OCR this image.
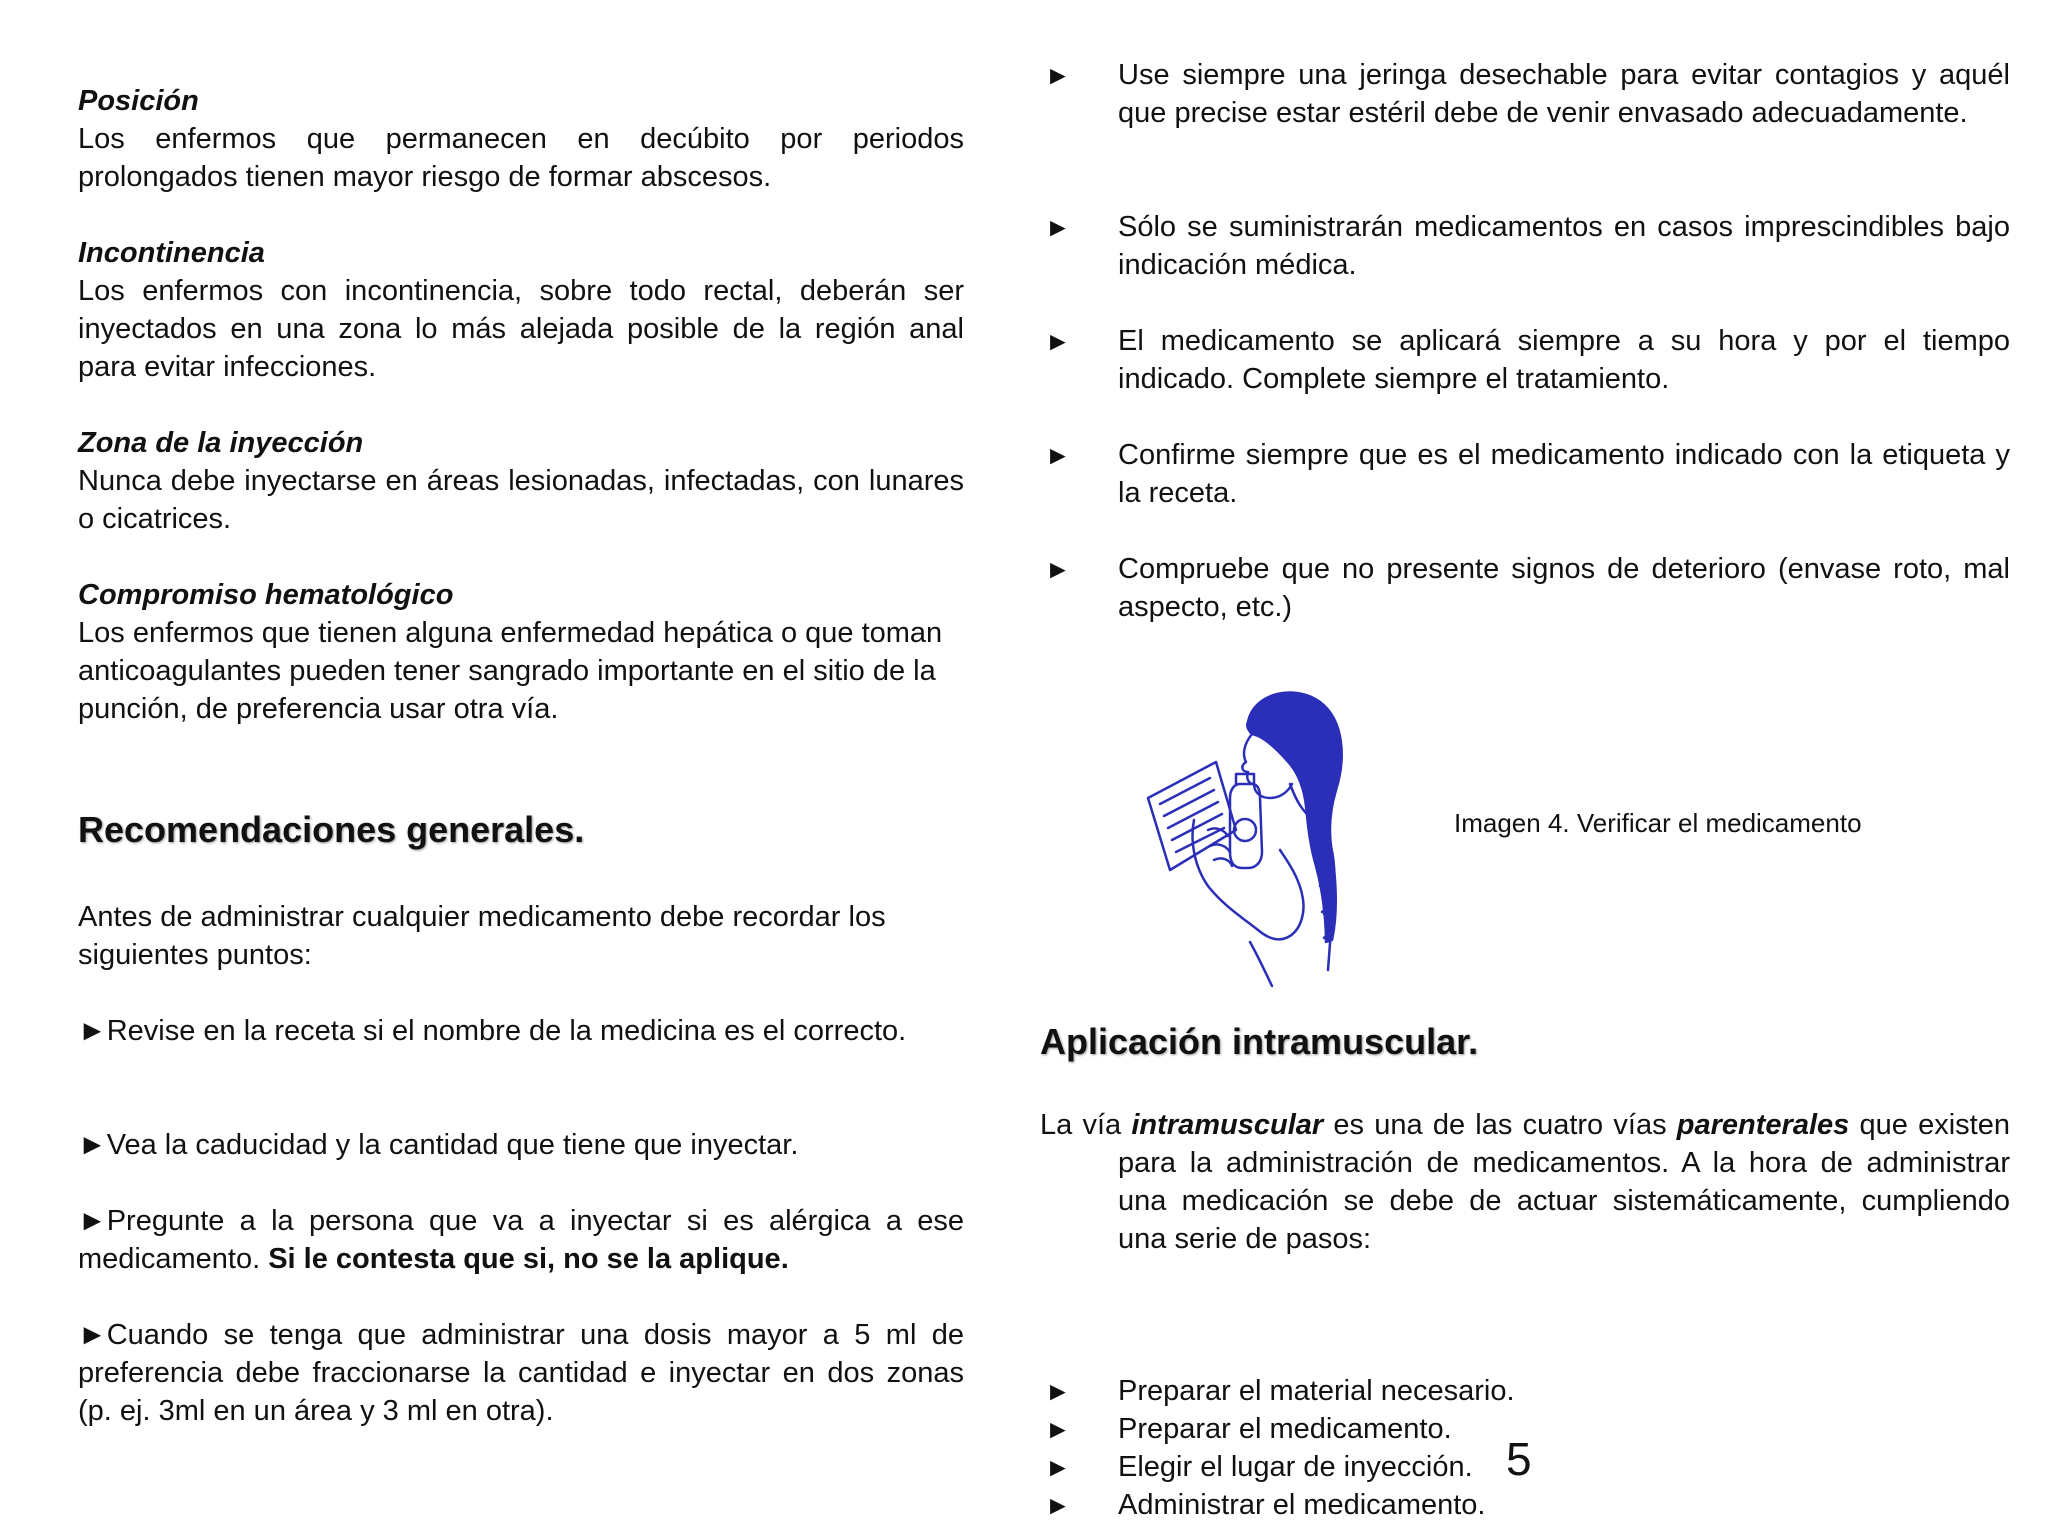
Posición

Los enfermos que permanecen en decúbito por periodos prolongados tienen mayor riesgo de formar abscesos.

Incontinencia

Los enfermos con incontinencia, sobre todo rectal, deberán ser inyectados en una zona lo más alejada posible de la región anal para evitar infecciones.

Zona de la inyección

Nunca debe inyectarse en áreas lesionadas, infectadas, con lunares o cicatrices.

Compromiso hematológico

Los enfermos que tienen alguna enfermedad hepática o que toman anticoagulantes pueden tener sangrado importante en el sitio de la punción, de preferencia usar otra vía.

Recomendaciones generales.

Antes de administrar cualquier medicamento debe recordar los siguientes puntos:

►Revise en la receta si el nombre de la medicina es el correcto.

►Vea la caducidad y la cantidad que tiene que inyectar.

►Pregunte a la persona que va a inyectar si es alérgica a ese medicamento. Si le contesta que si, no se la aplique.

►Cuando se tenga que administrar una dosis mayor a 5 ml de preferencia debe fraccionarse la cantidad e inyectar en dos zonas (p. ej. 3ml en un área y 3 ml en otra).

► Use siempre una jeringa desechable para evitar contagios y aquél que precise estar estéril debe de venir envasado adecuadamente.
► Sólo se suministrarán medicamentos en casos imprescindibles bajo indicación médica.
► El medicamento se aplicará siempre a su hora y por el tiempo indicado. Complete siempre el tratamiento.
► Confirme siempre que es el medicamento indicado con la etiqueta y la receta.
► Compruebe que no presente signos de deterioro (envase roto, mal aspecto, etc.)
Aplicación intramuscular.

La vía intramuscular es una de las cuatro vías parenterales que existen para la administración de medicamentos. A la hora de administrar una medicación se debe de actuar sistemáticamente, cumpliendo una serie de pasos:

► Preparar el material necesario.
► Preparar el medicamento.
► Elegir el lugar de inyección.
► Administrar el medicamento.
Imagen 4. Verificar el medicamento
5
